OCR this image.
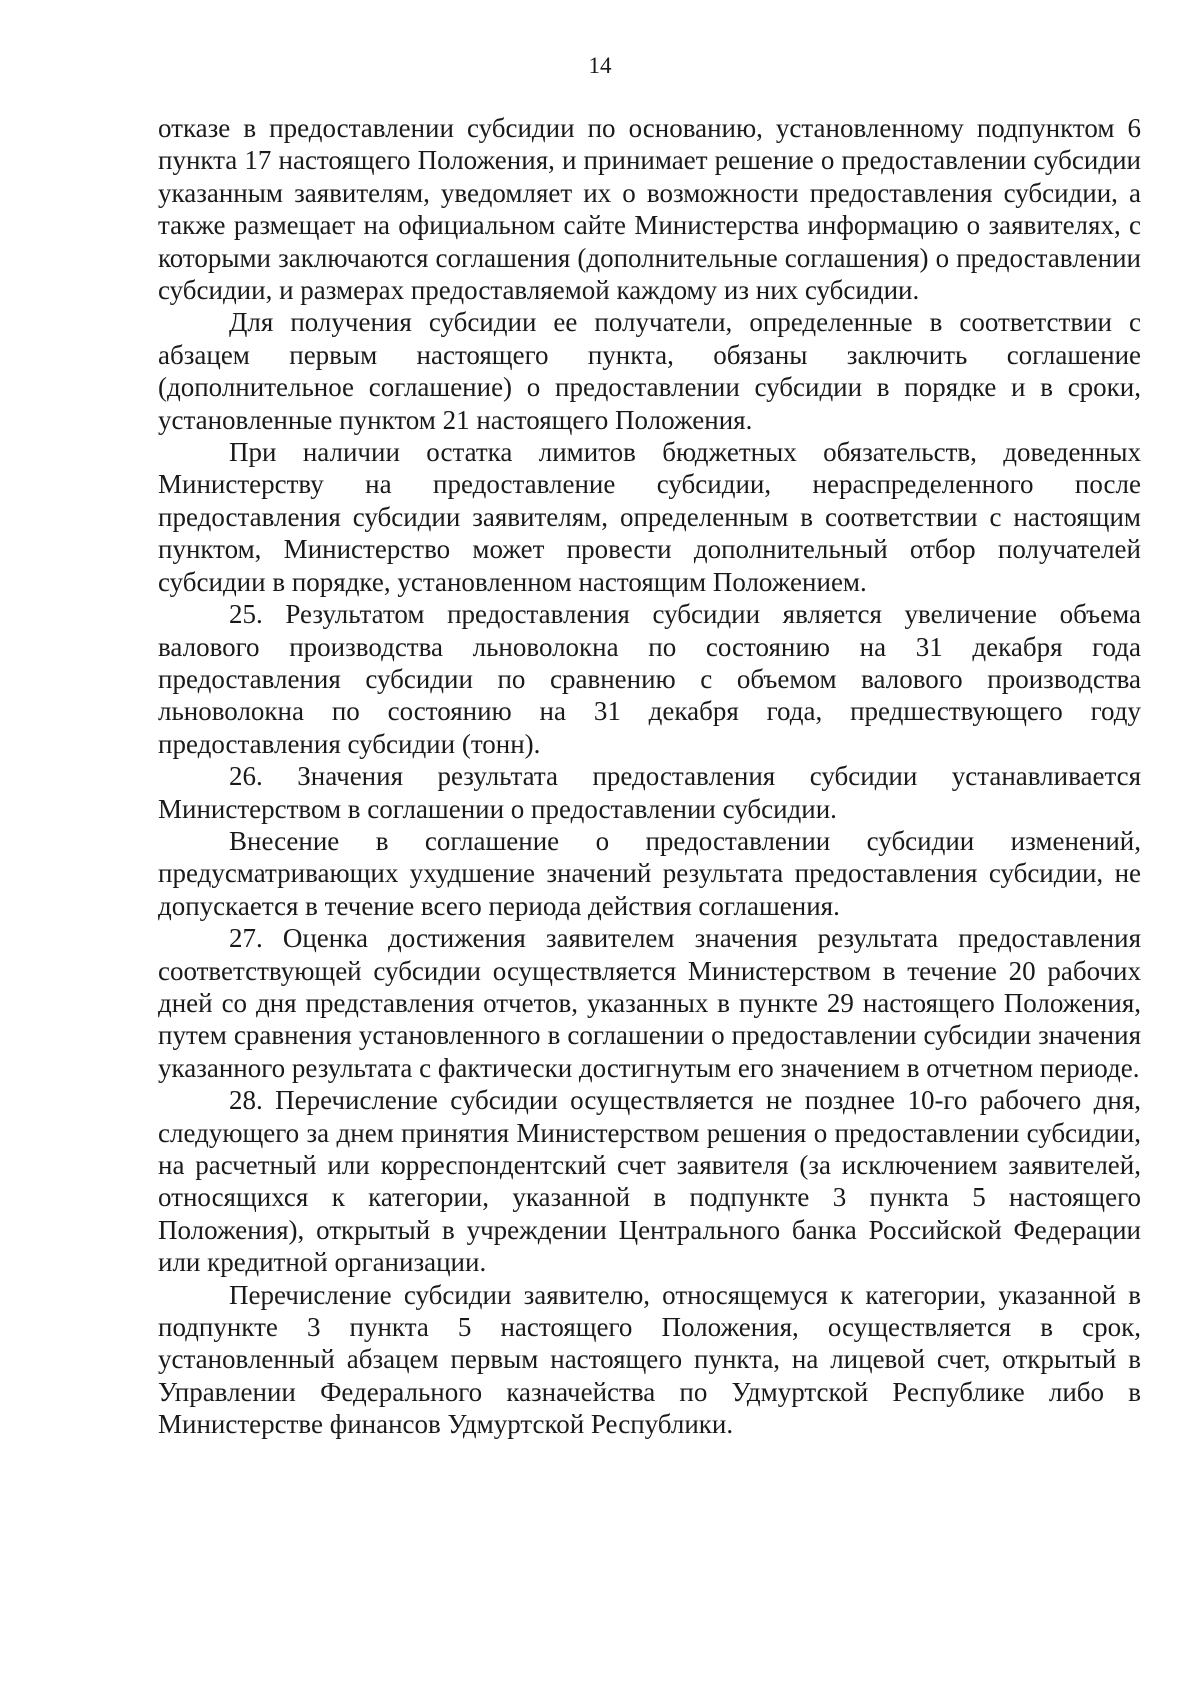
14

отказе в предоставлении субсидии по основанию, установленному подпунктом 6 пункта 17 настоящего Положения, и принимает решение о предоставлении субсидии указанным заявителям, уведомляет их о возможности предоставления субсидии, а также размещает на официальном сайте Министерства информацию о заявителях, с которыми заключаются соглашения (дополнительные соглашения) о предоставлении субсидии, и размерах предоставляемой каждому из них субсидии.

Для получения субсидии ее получатели, определенные в соответствии с абзацем первым настоящего пункта, обязаны заключить соглашение (дополнительное соглашение) о предоставлении субсидии в порядке и в сроки, установленные пунктом 21 настоящего Положения.

При наличии остатка лимитов бюджетных обязательств, доведенных Министерству на предоставление субсидии, нераспределенного после предоставления субсидии заявителям, определенным в соответствии с настоящим пунктом, Министерство может провести дополнительный отбор получателей субсидии в порядке, установленном настоящим Положением.

25. Результатом предоставления субсидии является увеличение объема валового производства льноволокна по состоянию на 31 декабря года предоставления субсидии по сравнению с объемом валового производства льноволокна по состоянию на 31 декабря года, предшествующего году предоставления субсидии (тонн).

26. Значения результата предоставления субсидии устанавливается Министерством в соглашении о предоставлении субсидии.

Внесение в соглашение о предоставлении субсидии изменений, предусматривающих ухудшение значений результата предоставления субсидии, не допускается в течение всего периода действия соглашения.

27. Оценка достижения заявителем значения результата предоставления соответствующей субсидии осуществляется Министерством в течение 20 рабочих дней со дня представления отчетов, указанных в пункте 29 настоящего Положения, путем сравнения установленного в соглашении о предоставлении субсидии значения указанного результата с фактически достигнутым его значением в отчетном периоде.

28. Перечисление субсидии осуществляется не позднее 10-го рабочего дня, следующего за днем принятия Министерством решения о предоставлении субсидии, на расчетный или корреспондентский счет заявителя (за исключением заявителей, относящихся к категории, указанной в подпункте 3 пункта 5 настоящего Положения), открытый в учреждении Центрального банка Российской Федерации или кредитной организации.

Перечисление субсидии заявителю, относящемуся к категории, указанной в подпункте 3 пункта 5 настоящего Положения, осуществляется в срок, установленный абзацем первым настоящего пункта, на лицевой счет, открытый в Управлении Федерального казначейства по Удмуртской Республике либо в Министерстве финансов Удмуртской Республики.
